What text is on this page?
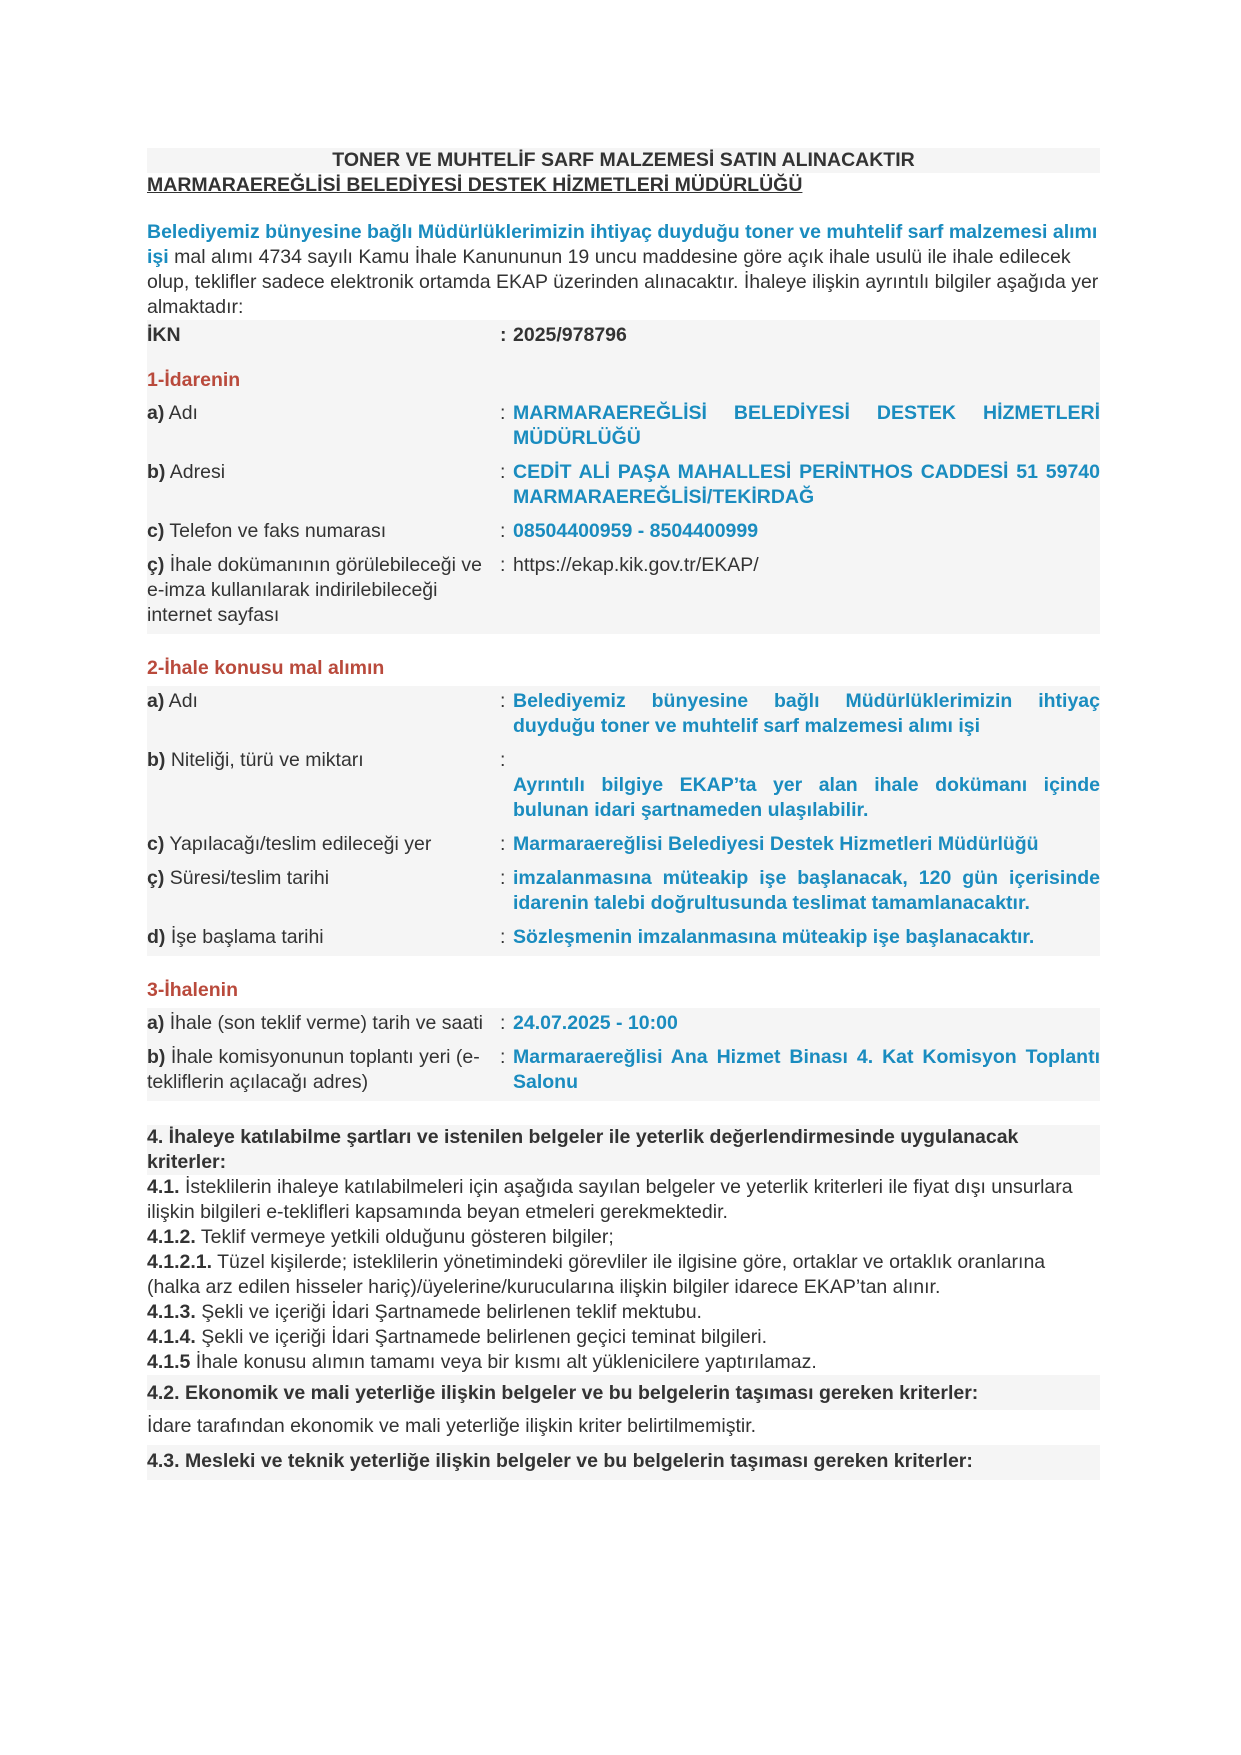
TONER VE MUHTELİF SARF MALZEMESİ SATIN ALINACAKTIR
MARMARAEREĞLİSİ BELEDİYESİ DESTEK HİZMETLERİ MÜDÜRLÜĞÜ
Belediyemiz bünyesine bağlı Müdürlüklerimizin ihtiyaç duyduğu toner ve muhtelif sarf malzemesi alımı işi mal alımı 4734 sayılı Kamu İhale Kanununun 19 uncu maddesine göre açık ihale usulü ile ihale edilecek olup, teklifler sadece elektronik ortamda EKAP üzerinden alınacaktır. İhaleye ilişkin ayrıntılı bilgiler aşağıda yer almaktadır:
İKN	: 2025/978796
1-İdarenin
a) Adı	: MARMARAEREĞLİSİ BELEDİYESİ DESTEK HİZMETLERİ MÜDÜRLÜĞÜ
b) Adresi	: CEDİT ALİ PAŞA MAHALLESİ PERİNTHOS CADDESİ 51 59740 MARMARAEREĞLİSİ/TEKİRDAĞ
c) Telefon ve faks numarası	: 08504400959 - 8504400999
ç) İhale dokümanının görülebileceği ve e-imza kullanılarak indirilebileceği internet sayfası
: https://ekap.kik.gov.tr/EKAP/
2-İhale konusu mal alımın
a) Adı	: Belediyemiz bünyesine bağlı Müdürlüklerimizin ihtiyaç duyduğu toner ve muhtelif sarf malzemesi alımı işi
b) Niteliği, türü ve miktarı	:
Ayrıntılı bilgiye EKAP’ta yer alan ihale dokümanı içinde bulunan idari şartnameden ulaşılabilir.
c) Yapılacağı/teslim edileceği yer	: Marmaraereğlisi Belediyesi Destek Hizmetleri Müdürlüğü
ç) Süresi/teslim tarihi	: imzalanmasına müteakip işe başlanacak, 120 gün içerisinde idarenin talebi doğrultusunda teslimat tamamlanacaktır.
d) İşe başlama tarihi	: Sözleşmenin imzalanmasına müteakip işe başlanacaktır.
3-İhalenin
a) İhale (son teklif verme) tarih ve saati : 24.07.2025 - 10:00
b) İhale komisyonunun toplantı yeri (e-tekliflerin açılacağı adres)
: Marmaraereğlisi Ana Hizmet Binası 4. Kat Komisyon Toplantı Salonu

4. İhaleye katılabilme şartları ve istenilen belgeler ile yeterlik değerlendirmesinde uygulanacak kriterler:

4.1. İsteklilerin ihaleye katılabilmeleri için aşağıda sayılan belgeler ve yeterlik kriterleri ile fiyat dışı unsurlara ilişkin bilgileri e-teklifleri kapsamında beyan etmeleri gerekmektedir.

4.1.2. Teklif vermeye yetkili olduğunu gösteren bilgiler;

4.1.2.1. Tüzel kişilerde; isteklilerin yönetimindeki görevliler ile ilgisine göre, ortaklar ve ortaklık oranlarına (halka arz edilen hisseler hariç)/üyelerine/kurucularına ilişkin bilgiler idarece EKAP’tan alınır.

4.1.3. Şekli ve içeriği İdari Şartnamede belirlenen teklif mektubu.

4.1.4. Şekli ve içeriği İdari Şartnamede belirlenen geçici teminat bilgileri.

4.1.5 İhale konusu alımın tamamı veya bir kısmı alt yüklenicilere yaptırılamaz.

4.2. Ekonomik ve mali yeterliğe ilişkin belgeler ve bu belgelerin taşıması gereken kriterler:

İdare tarafından ekonomik ve mali yeterliğe ilişkin kriter belirtilmemiştir.

4.3. Mesleki ve teknik yeterliğe ilişkin belgeler ve bu belgelerin taşıması gereken kriterler:
